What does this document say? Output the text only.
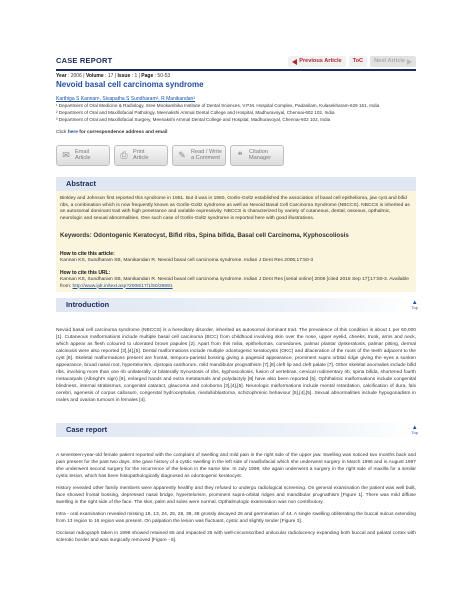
CASE REPORT	Previous Article ToC Next Article
Year : 2006 | Volume : 17 | Issue : 1 | Page : 50-53
Nevoid basal cell carcinoma syndrome
Karthiga S Kannan¹, Sivapatha S Sundharam², R Manikandan³
¹ Department of Oral Medicine & Radiology, Sree Mookambika Institute of Dental Sciences, V.P.M. Hospital Complex, Padanilam, Kulasekharam-629 161, India
² Department of Oral and Maxillofacial Pathology, Meenakshi Ammal Dental College and Hospital, Madhuravoyal, Chennai-602 102, India
³ Department of Oral and Maxillofacial Surgery, Meenakshi Ammal Dental College and Hospital, Madhuravoyal, Chennai-602 102, India
Click here for correspondence address and email
✉ Email
Article	⎙ Print
Article	✎ Read / Write
a Comment	❝	Citation
Manager
Abstract
Binkley and Johnson first reported this syndrome in 1951. But it was in 1960, Gorlin-Goltz established the association of basal cell epithelioma, jaw cyst and bifid ribs, a combination which is now frequently known as Gorlin-Goltz syndrome as well as Nevoid Basal Cell Carcinoma Syndrome (NBCCS). NBCCS is inherited as an autosomal dominant trait with high penetrance and variable expressivity. NBCCS is characterized by variety of cutaneous, dental, osseous, opthalmic, neurologic and sexual abnormalities. One such case of Gorlin-Goltz syndrome is reported here with good illustrations.
Keywords: Odontogenic Keratocyst, Bifid ribs, Spina bifida, Basal cell Carcinoma, Kyphoscoliosis
How to cite this article:
Kannan KS, Sundharam SB, Manikandan R. Nevoid basal cell carcinoma syndrome. Indian J Dent Res 2006;17:50-3
How to cite this URL:
Kannan KS, Sundharam SB, Manikandan R. Nevoid basal cell carcinoma syndrome. Indian J Dent Res [serial online] 2006 [cited 2016 Sep 17];17:50-3. Available from: http://www.ijdr.in/text.asp?2006/17/1/50/29891
Introduction	▲
Top

Nevoid basal cell carcinoma syndrome (NBCCS) is a hereditary disorder, inherited as autosomal dominant trait. The prevalence of this condition is about 1 per 60,000 [1]. Cutaneous malformations include multiple basal cell carcinoma (BCC) from childhood involving skin over the nose, upper eyelid, cheeks, trunk, arms and neck, which appear as flesh coloured to ulcerated brown papules [2]. Apart from this milia, epitheliomas, comedones, palmar plantar dyskeratosis, palmar pitting, dermal calcinosis were also reported [3],[4],[5]. Dental malformations include multiple odontogenic keratocysts (OKC) and dilaceration of the roots of the teeth adjacent to the cyst [6]. Skeletal malformations present are frontal, temporo-parietal bossing giving a pagetoid appearance, prominent supra orbital ridge giving the eyes a sunken appearance, broad nasal root, hypertelorism, dystopia canthorum, mild mandibular prognathism [7],[8] cleft lip and cleft palate [7]. Other skeletal anomalies include bifid ribs, involving more than one rib unilaterally or bilaterally Synostosis of ribs, kyphoscoliosis, fusion of vertebrae, cervical rudimentary rib, spina bifida, shortened fourth metacarpals (Albright's sign) [9], enlarged hands and extra metatarsals and polydactyly [8] have also been reported [5]. Ophthalmic malformations include congenital blindness, internal strabismus, congenital cataract, glaucoma and coloboma [3],[4],[5]. Neurologic malformations include mental retardation, calcification of dura, falx cerebri, agenesis of corpus callosum, congenital hydrocephalus, medulloblastoma, schizophrenic behaviour [5],[4],[5]. Sexual abnormalities include hypogonadism in males and ovarian tumours in females [4].

Case report	▲
Top

A seventeen-year-old female patient reported with the complaint of swelling and mild pain in the right side of the upper jaw. Swelling was noticed two months back and pain present for the past two days. She gave history of a cystic swelling in the left side of maxillofacial which she underwent surgery in March 1996 and in August 1997 she underwent second surgery for the recurrence of the lesion in the same site. In July 1999, she again underwent a surgery in the right side of maxilla for a similar cystic lesion, which has been histopathologically diagnosed as odontogenic keratocyst.

History revealed other family members were apparently healthy and they refused to undergo radiological screening. On general examination the patient was well built, face showed frontal bossing, depressed nasal bridge, hypertelorism, prominent supra-orbital ridges and mandibular prognathism [Figure 1]. There was mild diffuse swelling in the right side of the face. The skin, palm and soles were normal. Opthalmologic examination was non contributory.

Intra - oral examination revealed missing 18, 13, 24, 25, 28, 38, 48 grossly decayed 26 and germination of 44. A single swelling obliterating the buccal sulcus extending from 13 region to 16 region was present. On palpation the lesion was fluctuant, cystic and slightly tender [Figure 3].

Occlusal radiograph taken in 1996 showed retained 65 and impacted 25 with well-circumscribed unilocular radiolucency expanding both buccal and palatal cortex with sclerotic border and was surgically removed [Figure - 5].
